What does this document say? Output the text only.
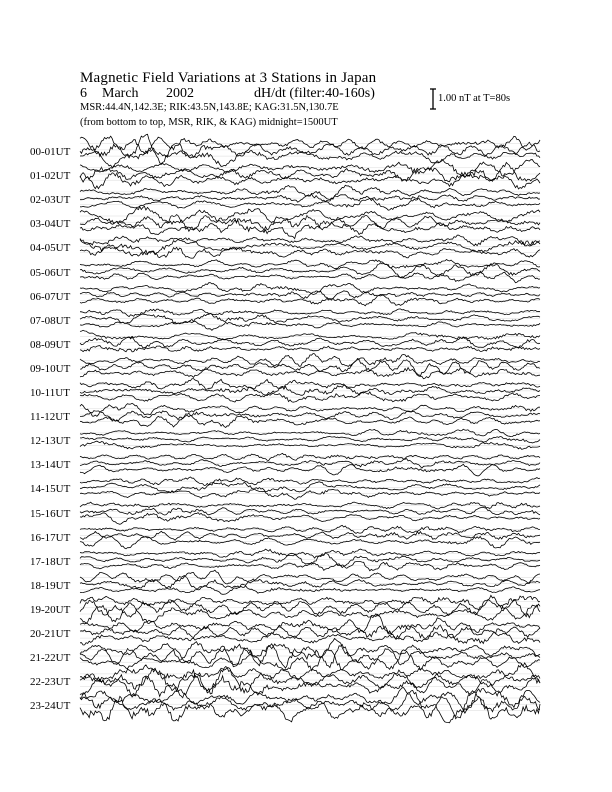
Magnetic Field Variations at 3 Stations in Japan
6 March 2002	dH/dt (filter:40-160s)
MSR:44.4N,142.3E; RIK:43.5N,143.8E; KAG:31.5N,130.7E
(from bottom to top, MSR, RIK, & KAG) midnight=1500UT
1.00 nT at T=80s
00-01UT
01-02UT
02-03UT
03-04UT
04-05UT
05-06UT
06-07UT
07-08UT
08-09UT
09-10UT
10-11UT
11-12UT
12-13UT
13-14UT
14-15UT
15-16UT
16-17UT
17-18UT
18-19UT
19-20UT
20-21UT
21-22UT
22-23UT
23-24UT
